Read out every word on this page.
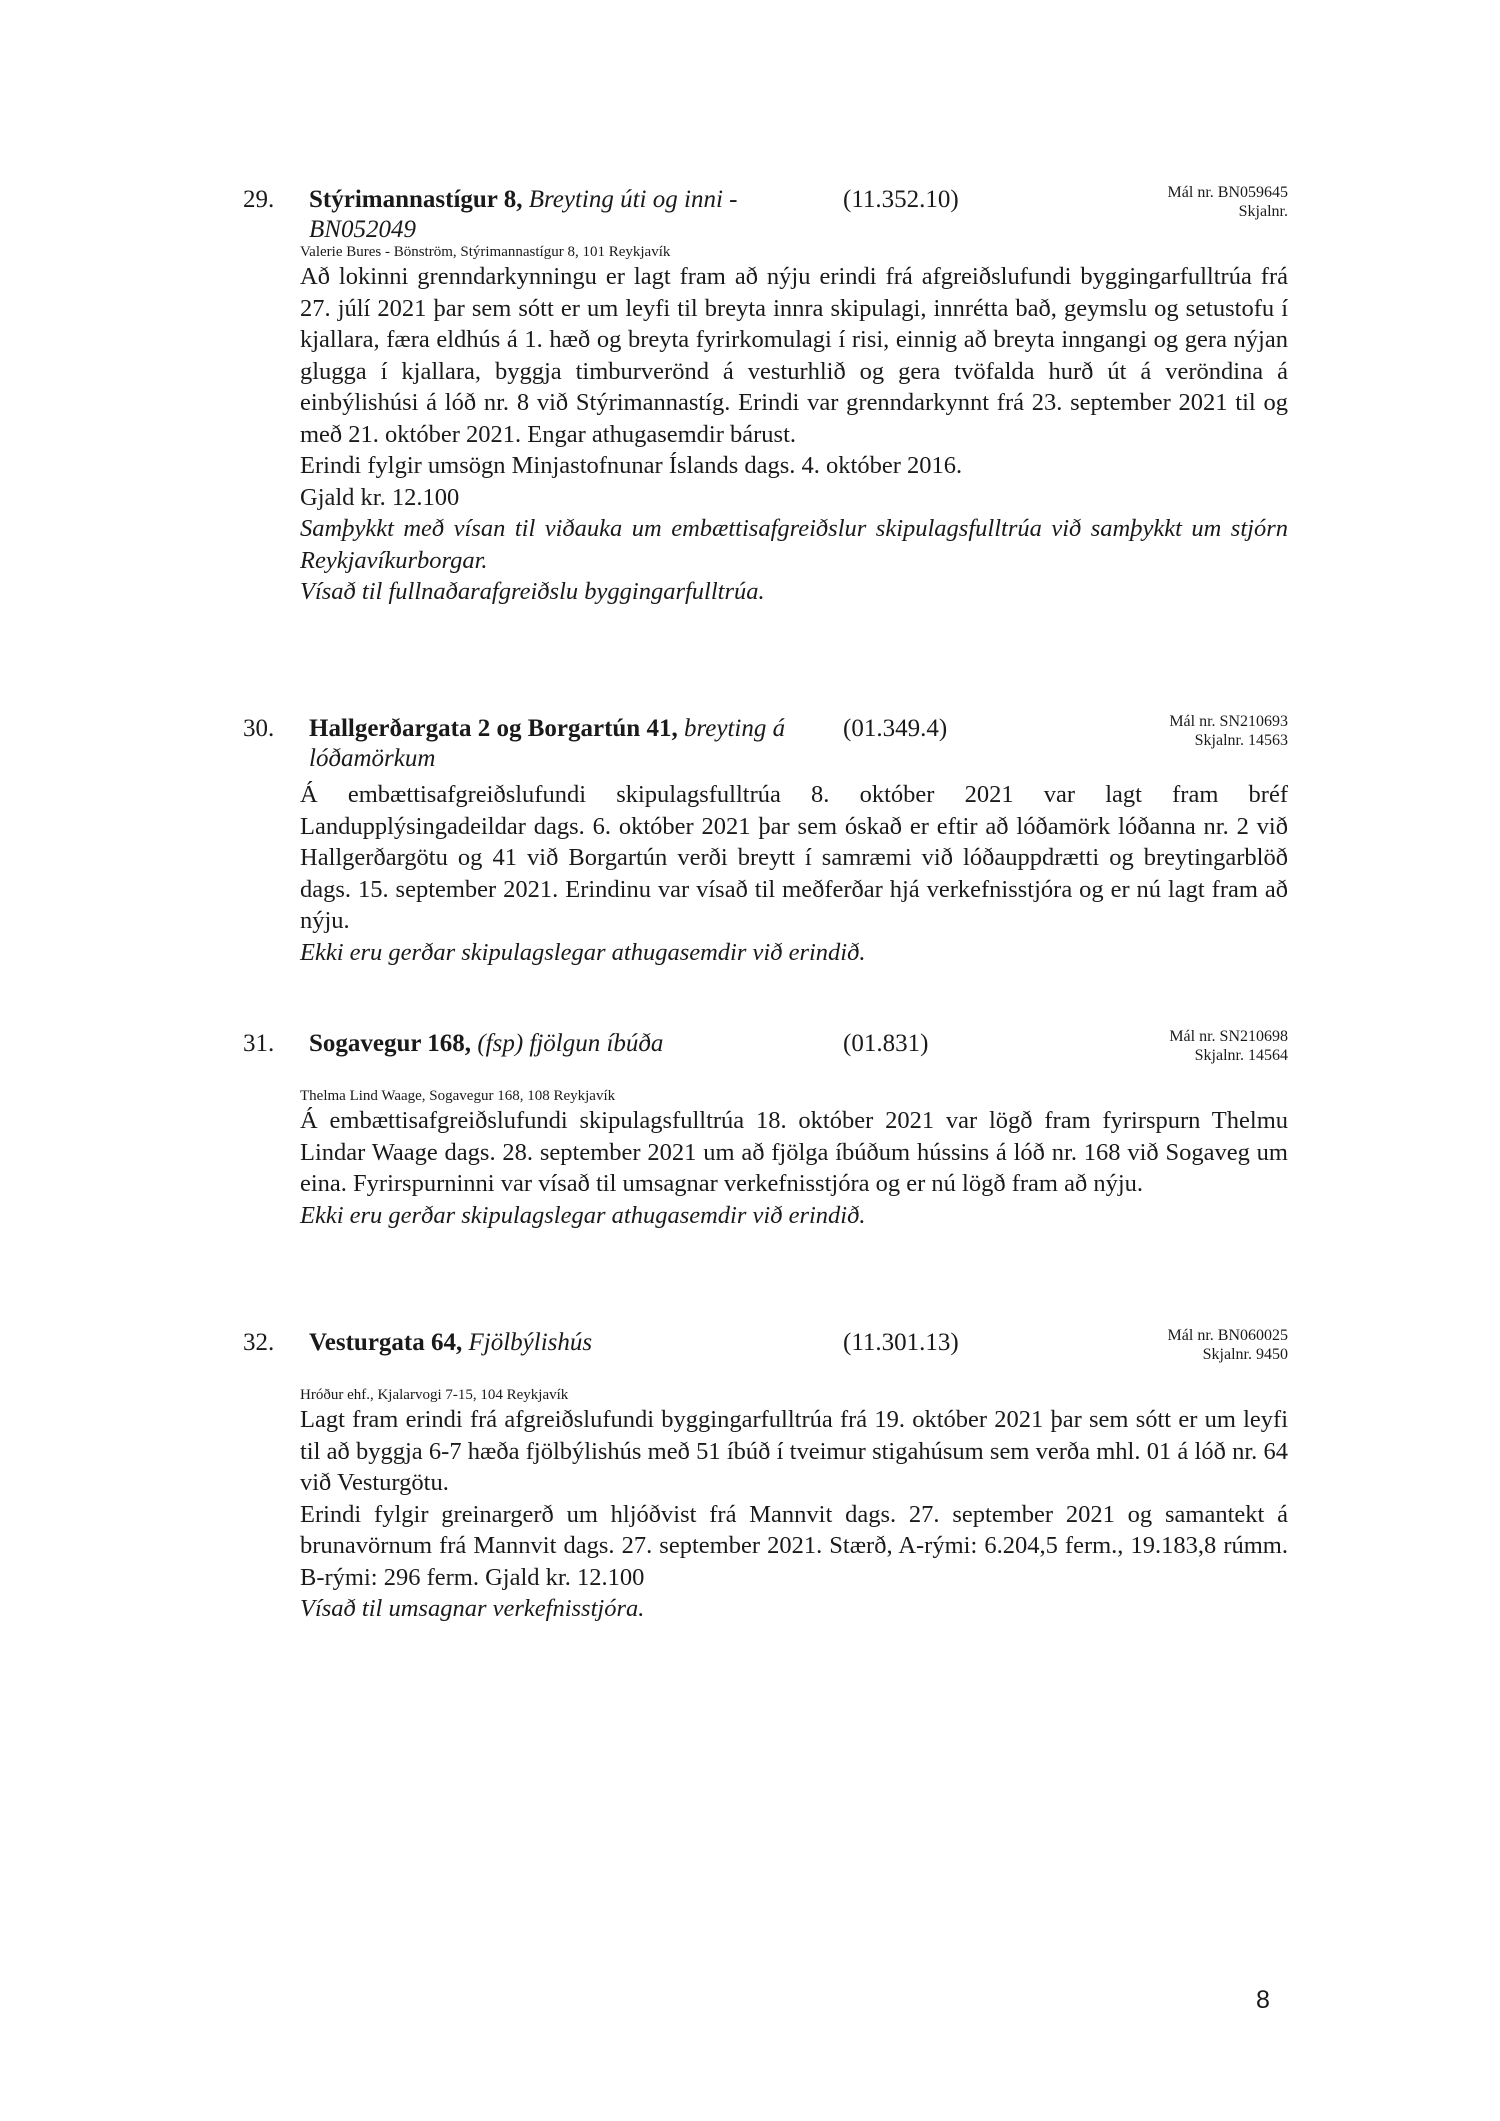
29. Stýrimannastígur 8, Breyting úti og inni - BN052049
(11.352.10)	Mál nr. BN059645
Skjalnr.
Valerie Bures - Bönström, Stýrimannastígur 8, 101 Reykjavík

Að lokinni grenndarkynningu er lagt fram að nýju erindi frá afgreiðslufundi byggingarfulltrúa frá 27. júlí 2021 þar sem sótt er um leyfi til breyta innra skipulagi, innrétta bað, geymslu og setustofu í kjallara, færa eldhús á 1. hæð og breyta fyrirkomulagi í risi, einnig að breyta inngangi og gera nýjan glugga í kjallara, byggja timburverönd á vesturhlið og gera tvöfalda hurð út á veröndina á einbýlishúsi á lóð nr. 8 við Stýrimannastíg. Erindi var grenndarkynnt frá 23. september 2021 til og með 21. október 2021. Engar athugasemdir bárust.

Erindi fylgir umsögn Minjastofnunar Íslands dags. 4. október 2016.

Gjald kr. 12.100

Samþykkt með vísan til viðauka um embættisafgreiðslur skipulagsfulltrúa við samþykkt um stjórn Reykjavíkurborgar.

Vísað til fullnaðarafgreiðslu byggingarfulltrúa.

30. Hallgerðargata 2 og Borgartún 41, breyting á lóðamörkum
(01.349.4)	Mál nr. SN210693
Skjalnr. 14563

Á embættisafgreiðslufundi skipulagsfulltrúa 8. október 2021 var lagt fram bréf Landupplýsingadeildar dags. 6. október 2021 þar sem óskað er eftir að lóðamörk lóðanna nr. 2 við Hallgerðargötu og 41 við Borgartún verði breytt í samræmi við lóðauppdrætti og breytingarblöð dags. 15. september 2021. Erindinu var vísað til meðferðar hjá verkefnisstjóra og er nú lagt fram að nýju.

Ekki eru gerðar skipulagslegar athugasemdir við erindið.

31. Sogavegur 168, (fsp) fjölgun íbúða	(01.831)	Mál nr. SN210698
Skjalnr. 14564
Thelma Lind Waage, Sogavegur 168, 108 Reykjavík

Á embættisafgreiðslufundi skipulagsfulltrúa 18. október 2021 var lögð fram fyrirspurn Thelmu Lindar Waage dags. 28. september 2021 um að fjölga íbúðum hússins á lóð nr. 168 við Sogaveg um eina. Fyrirspurninni var vísað til umsagnar verkefnisstjóra og er nú lögð fram að nýju.

Ekki eru gerðar skipulagslegar athugasemdir við erindið.

32. Vesturgata 64, Fjölbýlishús	(11.301.13)	Mál nr. BN060025
Skjalnr. 9450
Hróður ehf., Kjalarvogi 7-15, 104 Reykjavík

Lagt fram erindi frá afgreiðslufundi byggingarfulltrúa frá 19. október 2021 þar sem sótt er um leyfi til að byggja 6-7 hæða fjölbýlishús með 51 íbúð í tveimur stigahúsum sem verða mhl. 01 á lóð nr. 64 við Vesturgötu.

Erindi fylgir greinargerð um hljóðvist frá Mannvit dags. 27. september 2021 og samantekt á brunavörnum frá Mannvit dags. 27. september 2021. Stærð, A-rými: 6.204,5 ferm., 19.183,8 rúmm. B-rými: 296 ferm. Gjald kr. 12.100

Vísað til umsagnar verkefnisstjóra.

8
